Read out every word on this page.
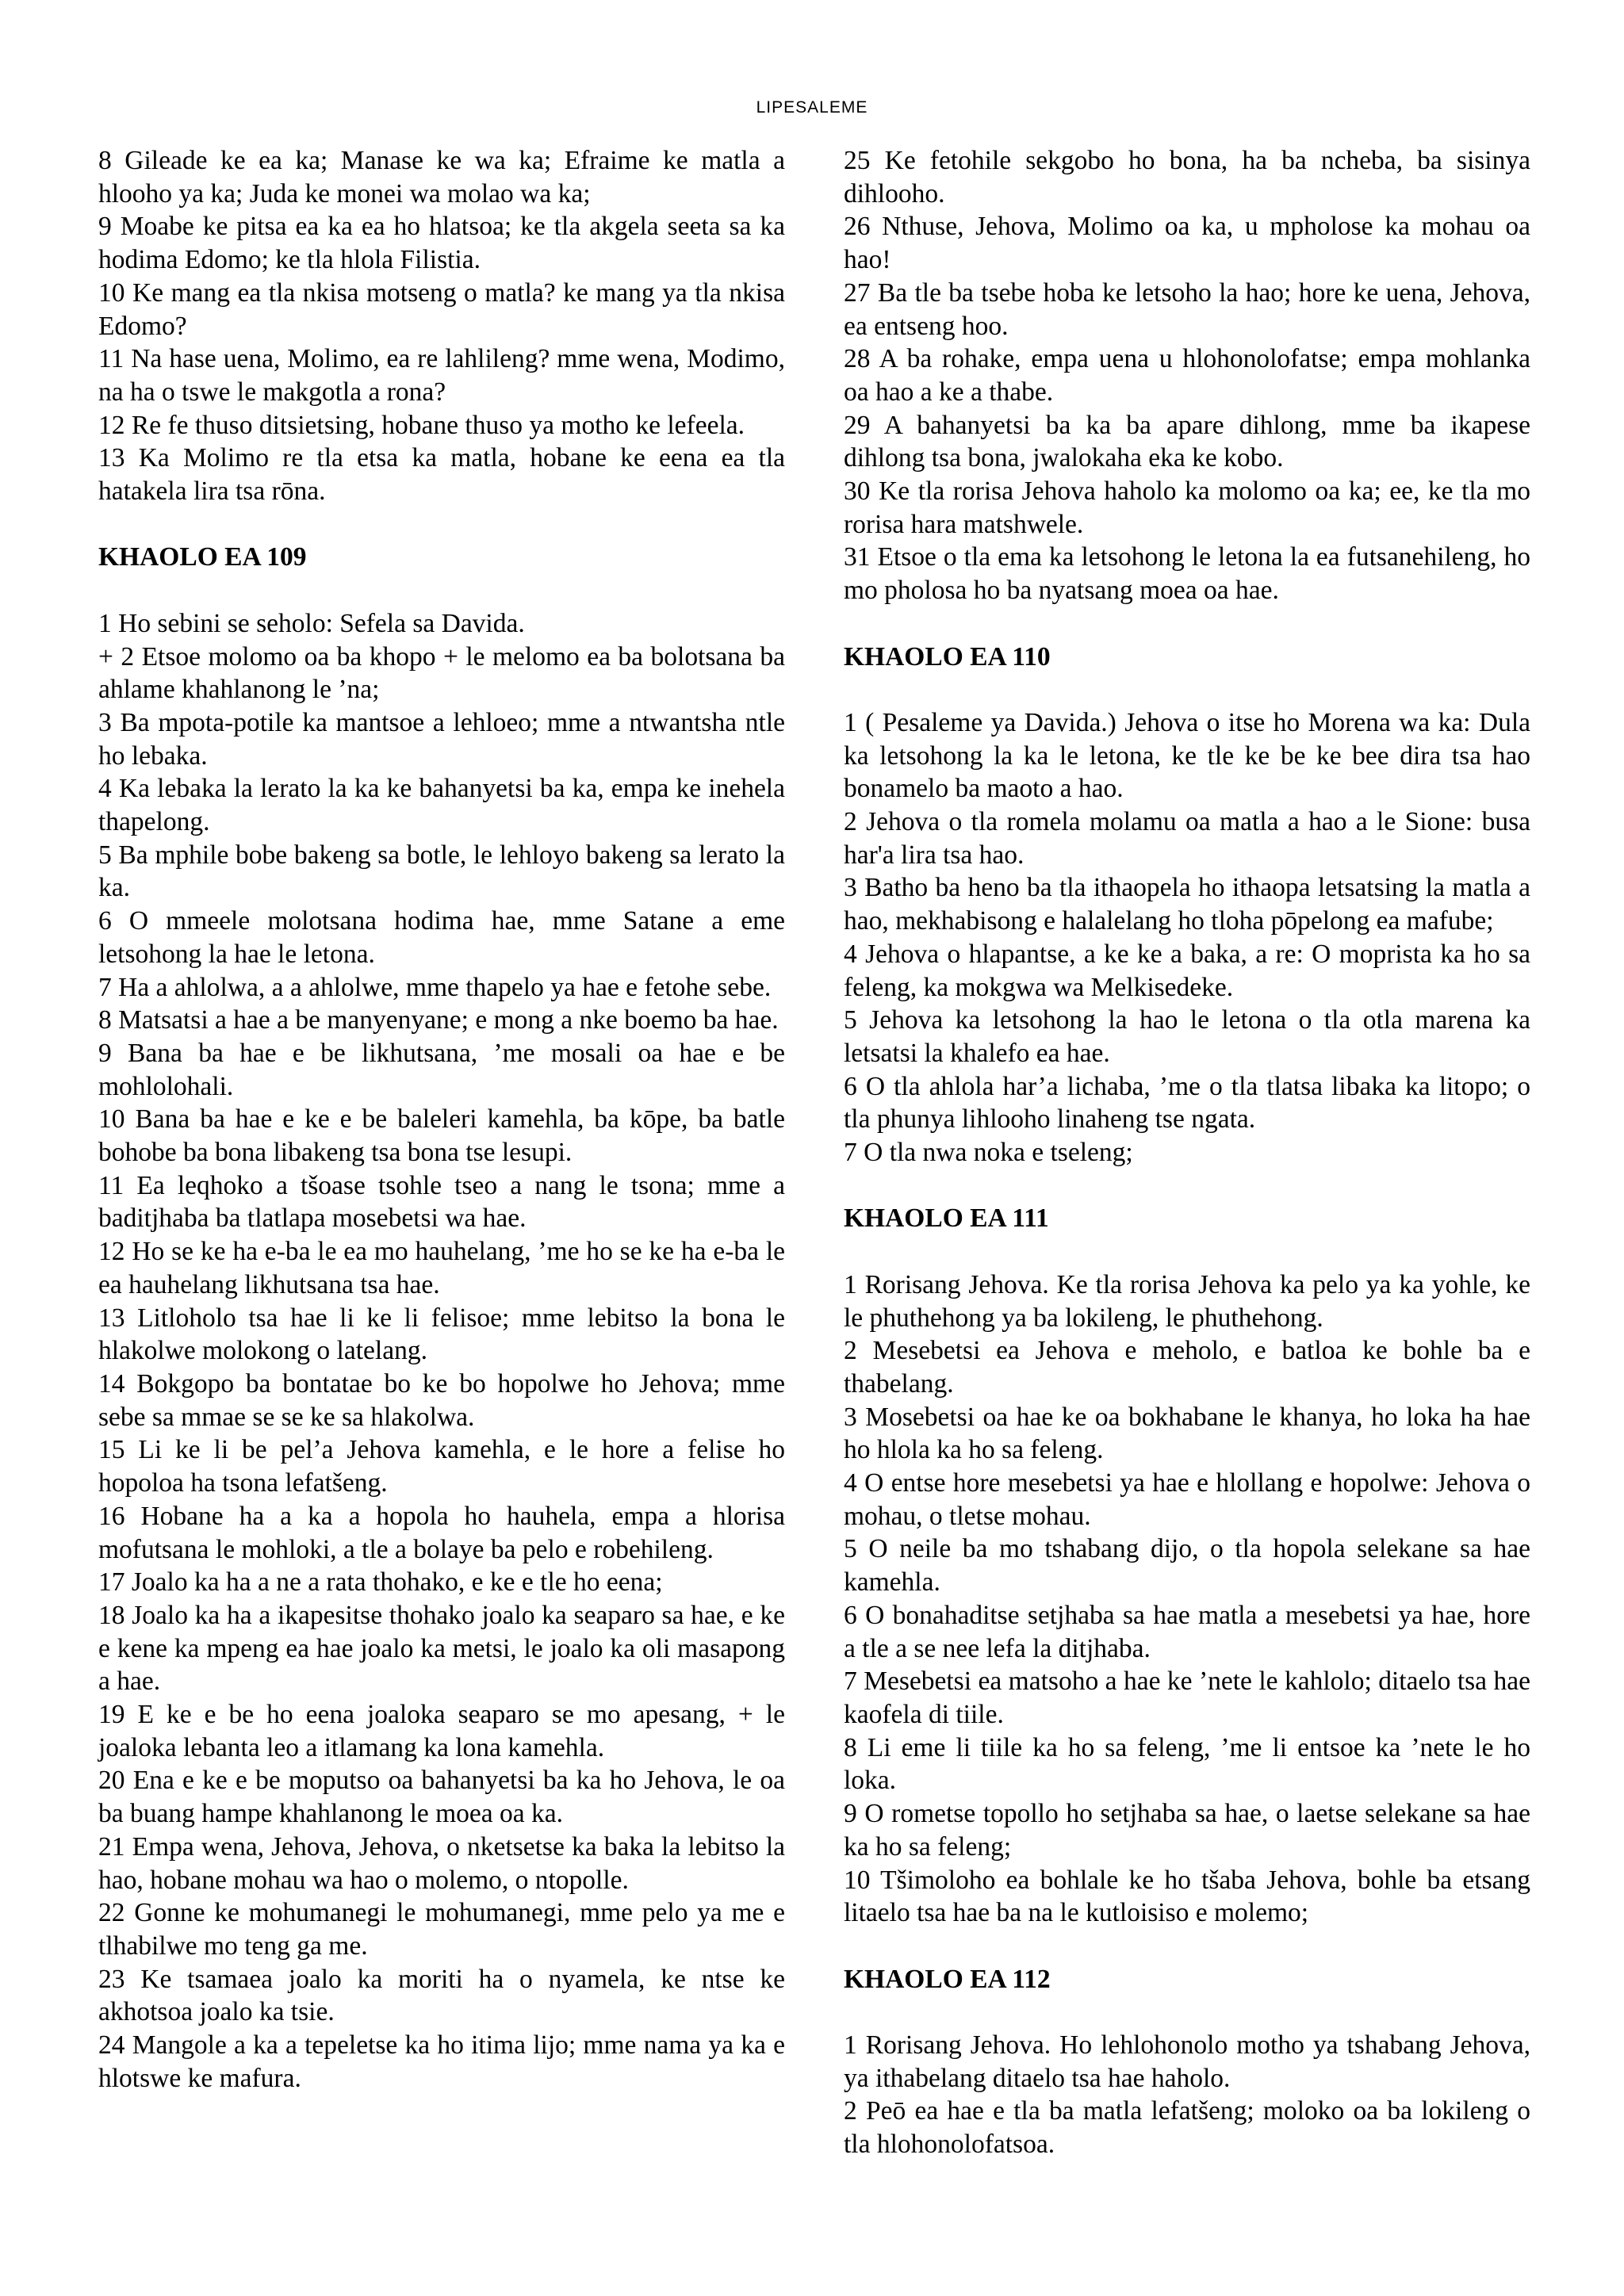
LIPESALEME

8 Gileade ke ea ka; Manase ke wa ka; Efraime ke matla a hlooho ya ka; Juda ke monei wa molao wa ka;

9 Moabe ke pitsa ea ka ea ho hlatsoa; ke tla akgela seeta sa ka hodima Edomo; ke tla hlola Filistia.

10 Ke mang ea tla nkisa motseng o matla? ke mang ya tla nkisa Edomo?

11 Na hase uena, Molimo, ea re lahlileng? mme wena, Modimo, na ha o tswe le makgotla a rona?

12 Re fe thuso ditsietsing, hobane thuso ya motho ke lefeela.

13 Ka Molimo re tla etsa ka matla, hobane ke eena ea tla hatakela lira tsa rōna.

KHAOLO EA 109

1 Ho sebini se seholo: Sefela sa Davida.

+ 2 Etsoe molomo oa ba khopo + le melomo ea ba bolotsana ba ahlame khahlanong le ’na;

3 Ba mpota-potile ka mantsoe a lehloeo; mme a ntwantsha ntle ho lebaka.

4 Ka lebaka la lerato la ka ke bahanyetsi ba ka, empa ke inehela thapelong.

5 Ba mphile bobe bakeng sa botle, le lehloyo bakeng sa lerato la ka.

6 O mmeele molotsana hodima hae, mme Satane a eme letsohong la hae le letona.

7 Ha a ahlolwa, a a ahlolwe, mme thapelo ya hae e fetohe sebe.

8 Matsatsi a hae a be manyenyane; e mong a nke boemo ba hae.

9 Bana ba hae e be likhutsana, ’me mosali oa hae e be mohlolohali.

10 Bana ba hae e ke e be baleleri kamehla, ba kōpe, ba batle bohobe ba bona libakeng tsa bona tse lesupi.

11 Ea leqhoko a tšoase tsohle tseo a nang le tsona; mme a baditjhaba ba tlatlapa mosebetsi wa hae.

12 Ho se ke ha e-ba le ea mo hauhelang, ’me ho se ke ha e-ba le ea hauhelang likhutsana tsa hae.

13 Litloholo tsa hae li ke li felisoe; mme lebitso la bona le hlakolwe molokong o latelang.

14 Bokgopo ba bontatae bo ke bo hopolwe ho Jehova; mme sebe sa mmae se se ke sa hlakolwa.

15 Li ke li be pel’a Jehova kamehla, e le hore a felise ho hopoloa ha tsona lefatšeng.

16 Hobane ha a ka a hopola ho hauhela, empa a hlorisa mofutsana le mohloki, a tle a bolaye ba pelo e robehileng.

17 Joalo ka ha a ne a rata thohako, e ke e tle ho eena;

18 Joalo ka ha a ikapesitse thohako joalo ka seaparo sa hae, e ke e kene ka mpeng ea hae joalo ka metsi, le joalo ka oli masapong a hae.

19 E ke e be ho eena joaloka seaparo se mo apesang, + le joaloka lebanta leo a itlamang ka lona kamehla.

20 Ena e ke e be moputso oa bahanyetsi ba ka ho Jehova, le oa ba buang hampe khahlanong le moea oa ka.

21 Empa wena, Jehova, Jehova, o nketsetse ka baka la lebitso la hao, hobane mohau wa hao o molemo, o ntopolle.

22 Gonne ke mohumanegi le mohumanegi, mme pelo ya me e tlhabilwe mo teng ga me.

23 Ke tsamaea joalo ka moriti ha o nyamela, ke ntse ke akhotsoa joalo ka tsie.

24 Mangole a ka a tepeletse ka ho itima lijo; mme nama ya ka e hlotswe ke mafura.

25 Ke fetohile sekgobo ho bona, ha ba ncheba, ba sisinya dihlooho.

26 Nthuse, Jehova, Molimo oa ka, u mpholose ka mohau oa hao!

27 Ba tle ba tsebe hoba ke letsoho la hao; hore ke uena, Jehova, ea entseng hoo.

28 A ba rohake, empa uena u hlohonolofatse; empa mohlanka oa hao a ke a thabe.

29 A bahanyetsi ba ka ba apare dihlong, mme ba ikapese dihlong tsa bona, jwalokaha eka ke kobo.

30 Ke tla rorisa Jehova haholo ka molomo oa ka; ee, ke tla mo rorisa hara matshwele.

31 Etsoe o tla ema ka letsohong le letona la ea futsanehileng, ho mo pholosa ho ba nyatsang moea oa hae.

KHAOLO EA 110

1 ( Pesaleme ya Davida.) Jehova o itse ho Morena wa ka: Dula ka letsohong la ka le letona, ke tle ke be ke bee dira tsa hao bonamelo ba maoto a hao.

2 Jehova o tla romela molamu oa matla a hao a le Sione: busa har'a lira tsa hao.

3 Batho ba heno ba tla ithaopela ho ithaopa letsatsing la matla a hao, mekhabisong e halalelang ho tloha pōpelong ea mafube;

4 Jehova o hlapantse, a ke ke a baka, a re: O moprista ka ho sa feleng, ka mokgwa wa Melkisedeke.

5 Jehova ka letsohong la hao le letona o tla otla marena ka letsatsi la khalefo ea hae.

6 O tla ahlola har’a lichaba, ’me o tla tlatsa libaka ka litopo; o tla phunya lihlooho linaheng tse ngata.

7 O tla nwa noka e tseleng;

KHAOLO EA 111

1 Rorisang Jehova. Ke tla rorisa Jehova ka pelo ya ka yohle, ke le phuthehong ya ba lokileng, le phuthehong.

2 Mesebetsi ea Jehova e meholo, e batloa ke bohle ba e thabelang.

3 Mosebetsi oa hae ke oa bokhabane le khanya, ho loka ha hae ho hlola ka ho sa feleng.

4 O entse hore mesebetsi ya hae e hlollang e hopolwe: Jehova o mohau, o tletse mohau.

5 O neile ba mo tshabang dijo, o tla hopola selekane sa hae kamehla.

6 O bonahaditse setjhaba sa hae matla a mesebetsi ya hae, hore a tle a se nee lefa la ditjhaba.

7 Mesebetsi ea matsoho a hae ke ’nete le kahlolo; ditaelo tsa hae kaofela di tiile.

8 Li eme li tiile ka ho sa feleng, ’me li entsoe ka ’nete le ho loka.

9 O rometse topollo ho setjhaba sa hae, o laetse selekane sa hae ka ho sa feleng;

10 Tšimoloho ea bohlale ke ho tšaba Jehova, bohle ba etsang litaelo tsa hae ba na le kutloisiso e molemo;

KHAOLO EA 112

1 Rorisang Jehova. Ho lehlohonolo motho ya tshabang Jehova, ya ithabelang ditaelo tsa hae haholo.

2 Peō ea hae e tla ba matla lefatšeng; moloko oa ba lokileng o tla hlohonolofatsoa.
